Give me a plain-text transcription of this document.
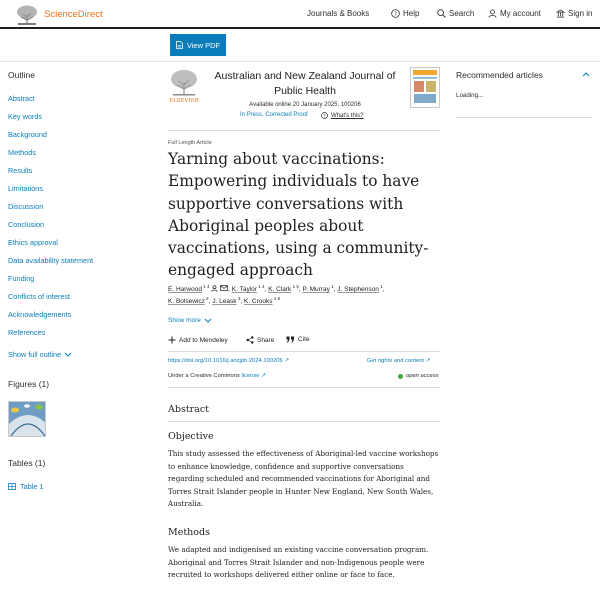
ScienceDirect	Journals & Books	? Help	Search	My account	Sign in
View PDF
Outline
Abstract
Key words
Background
Methods
Results
Limitations
Discussion
Conclusion
Ethics approval
Data availability statement
Funding
Conflicts of interest
Acknowledgements
References
Show full outline
Figures (1)
Tables (1)
Table 1
ELSEVIER
Australian and New Zealand Journal of Public Health
Available online 20 January 2025, 100206
In Press, Corrected Proof ? What's this?
Full Length Article
Yarning about vaccinations: Empowering individuals to have supportive conversations with Aboriginal peoples about vaccinations, using a community-engaged approach
E. Harwood $^{1 4}$	, K. Taylor $^{1 4}$, K. Clark $^{1 5}$, P. Murray $^1$, J. Stephenson $^1$,
K. Bolsewicz $^2$, J. Leask $^3$, K. Crooks $^{1 6}$
Show more
Add to Mendeley	Share	Cite
https://doi.org/10.1016/j.anzjph.2024.100206 ↗	Get rights and content ↗
Under a Creative Commons license ↗	open access
Abstract
Objective
This study assessed the effectiveness of Aboriginal-led vaccine workshops to enhance knowledge, confidence and supportive conversations regarding scheduled and recommended vaccinations for Aboriginal and Torres Strait Islander people in Hunter New England, New South Wales, Australia.
Methods
We adapted and indigenised an existing vaccine conversation program. Aboriginal and Torres Strait Islander and non-Indigenous people were recruited to workshops delivered either online or face to face.
Recommended articles
Loading...
